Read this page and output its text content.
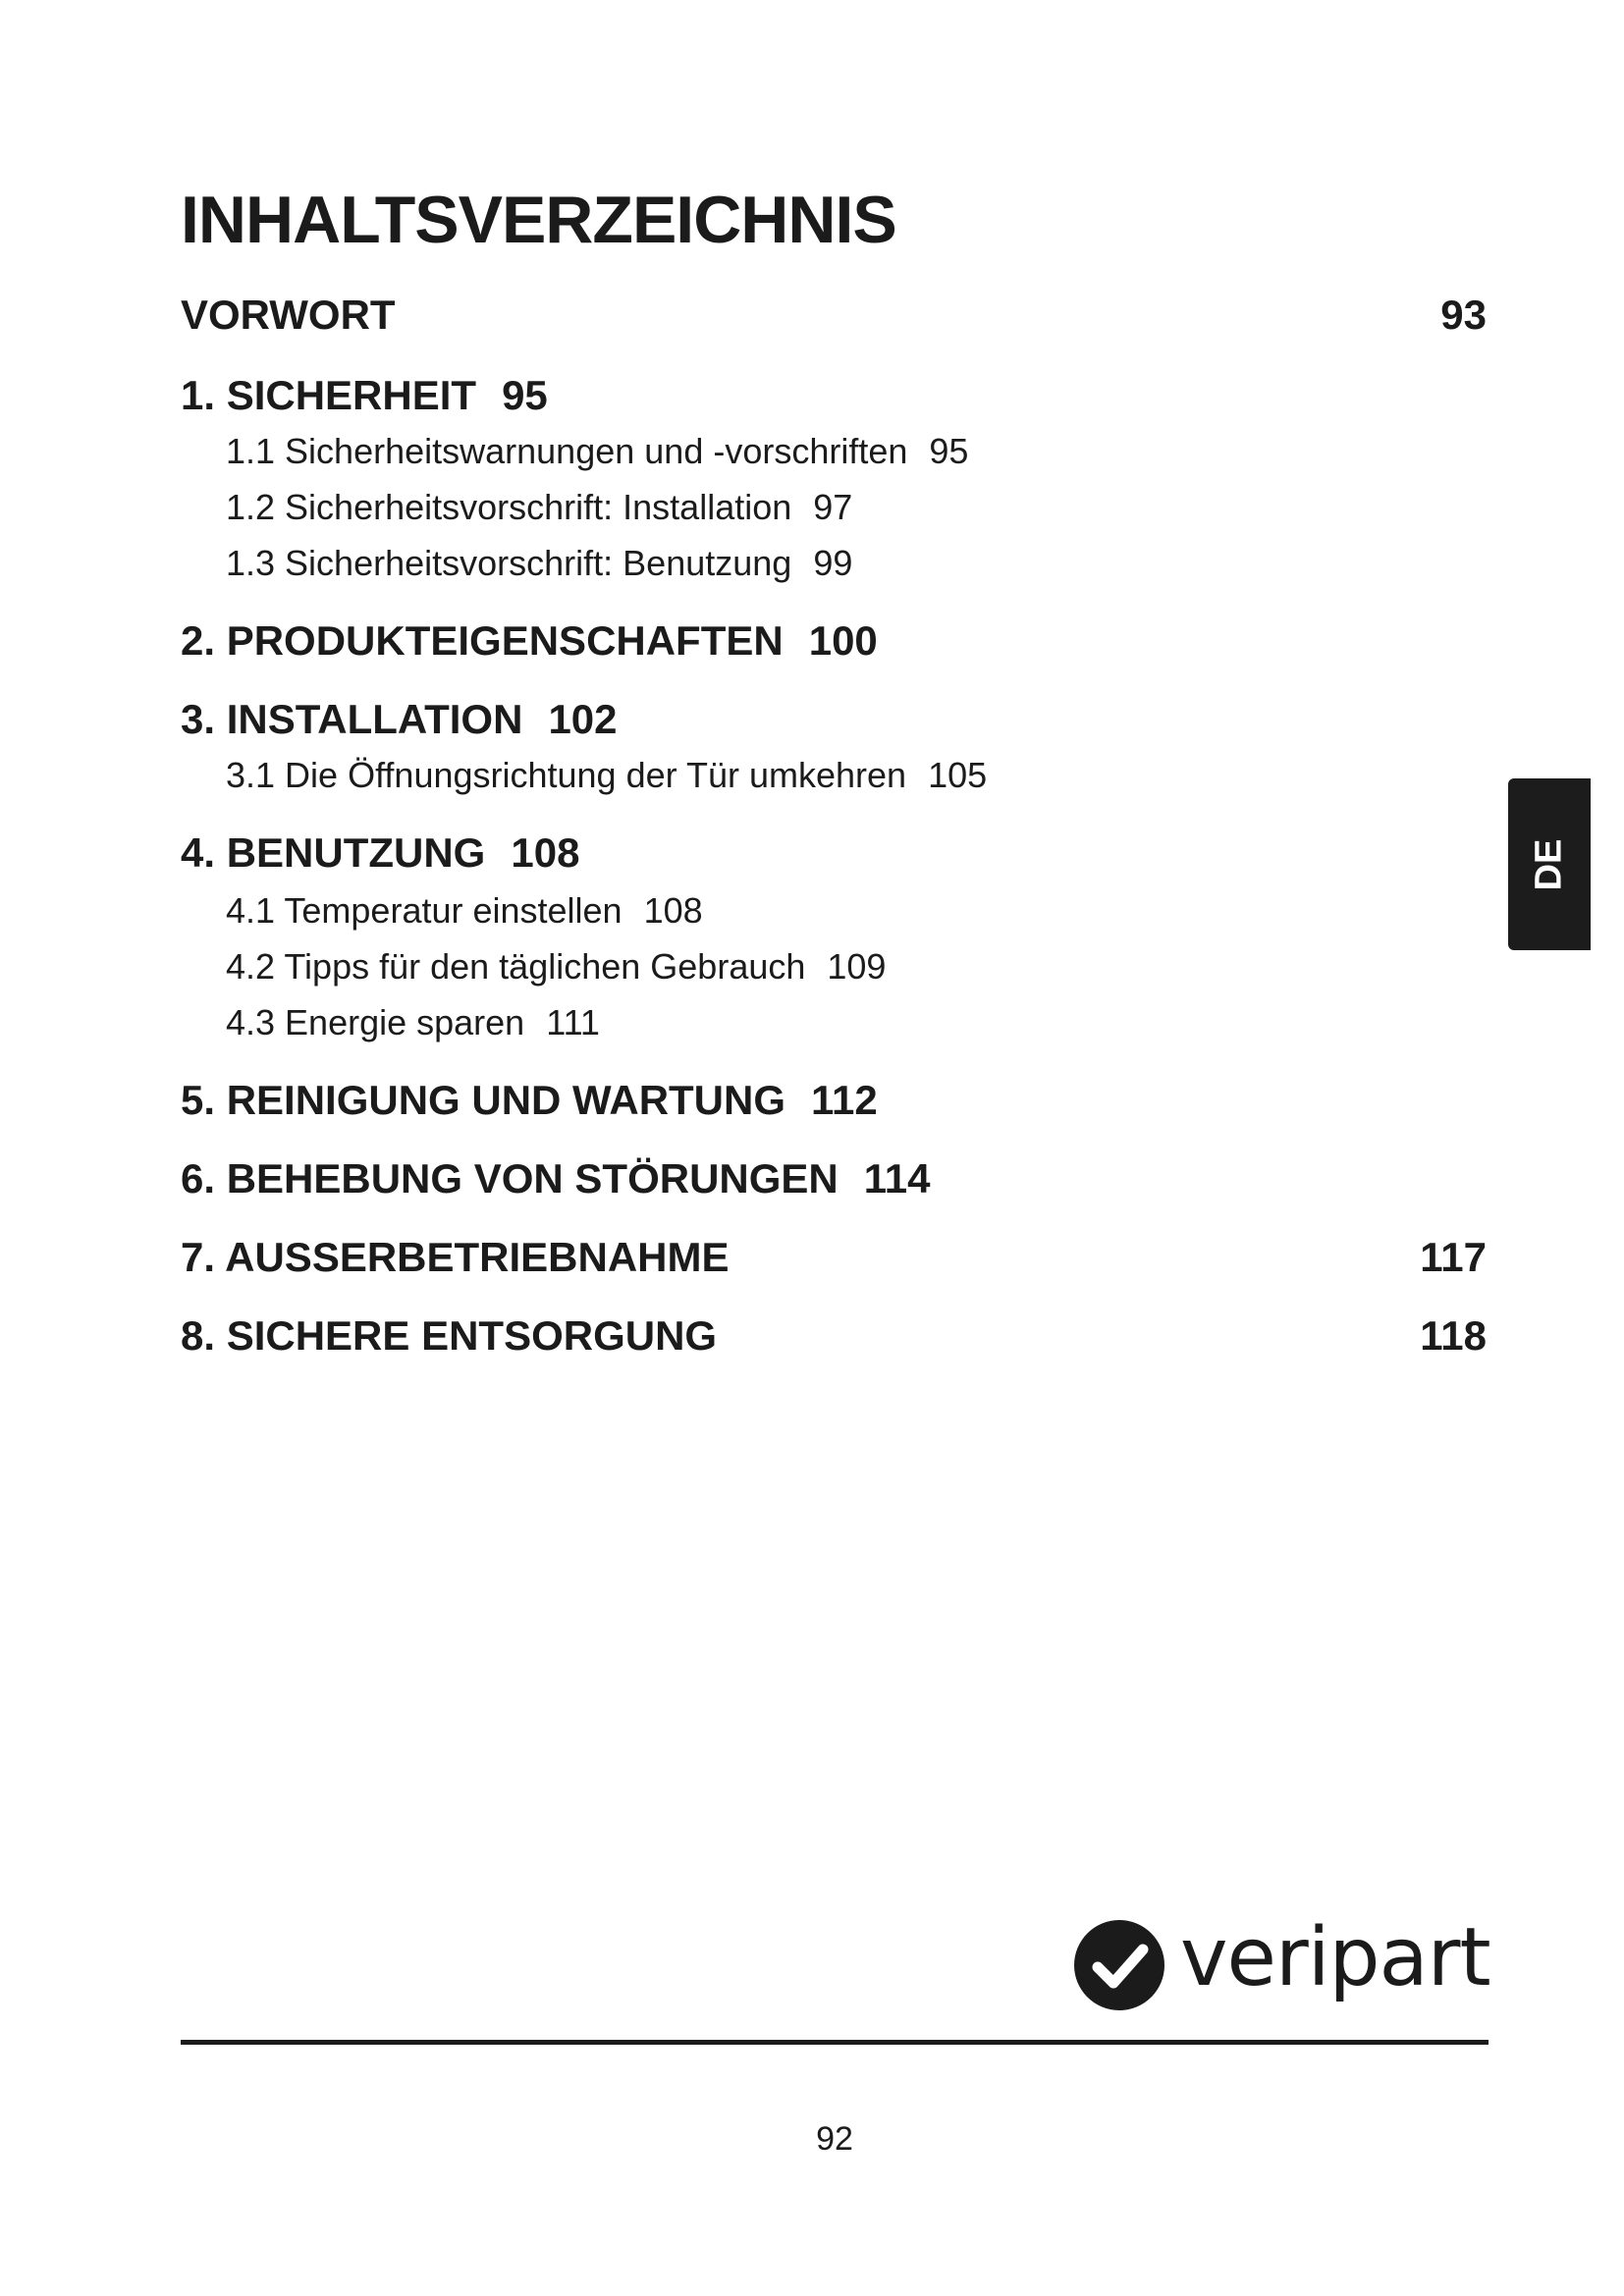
INHALTSVERZEICHNIS
VORWORT	93
1. SICHERHEIT 95
1.1 Sicherheitswarnungen und -vorschriften 95
1.2 Sicherheitsvorschrift: Installation 97
1.3 Sicherheitsvorschrift: Benutzung 99
2. PRODUKTEIGENSCHAFTEN 100
3. INSTALLATION 102
3.1 Die Öffnungsrichtung der Tür umkehren 105
4. BENUTZUNG 108
4.1 Temperatur einstellen 108
4.2 Tipps für den täglichen Gebrauch 109
4.3 Energie sparen 111
5. REINIGUNG UND WARTUNG 112
6. BEHEBUNG VON STÖRUNGEN 114
7. AUSSERBETRIEBNAHME	117
8. SICHERE ENTSORGUNG	118
DE
veripart
92
